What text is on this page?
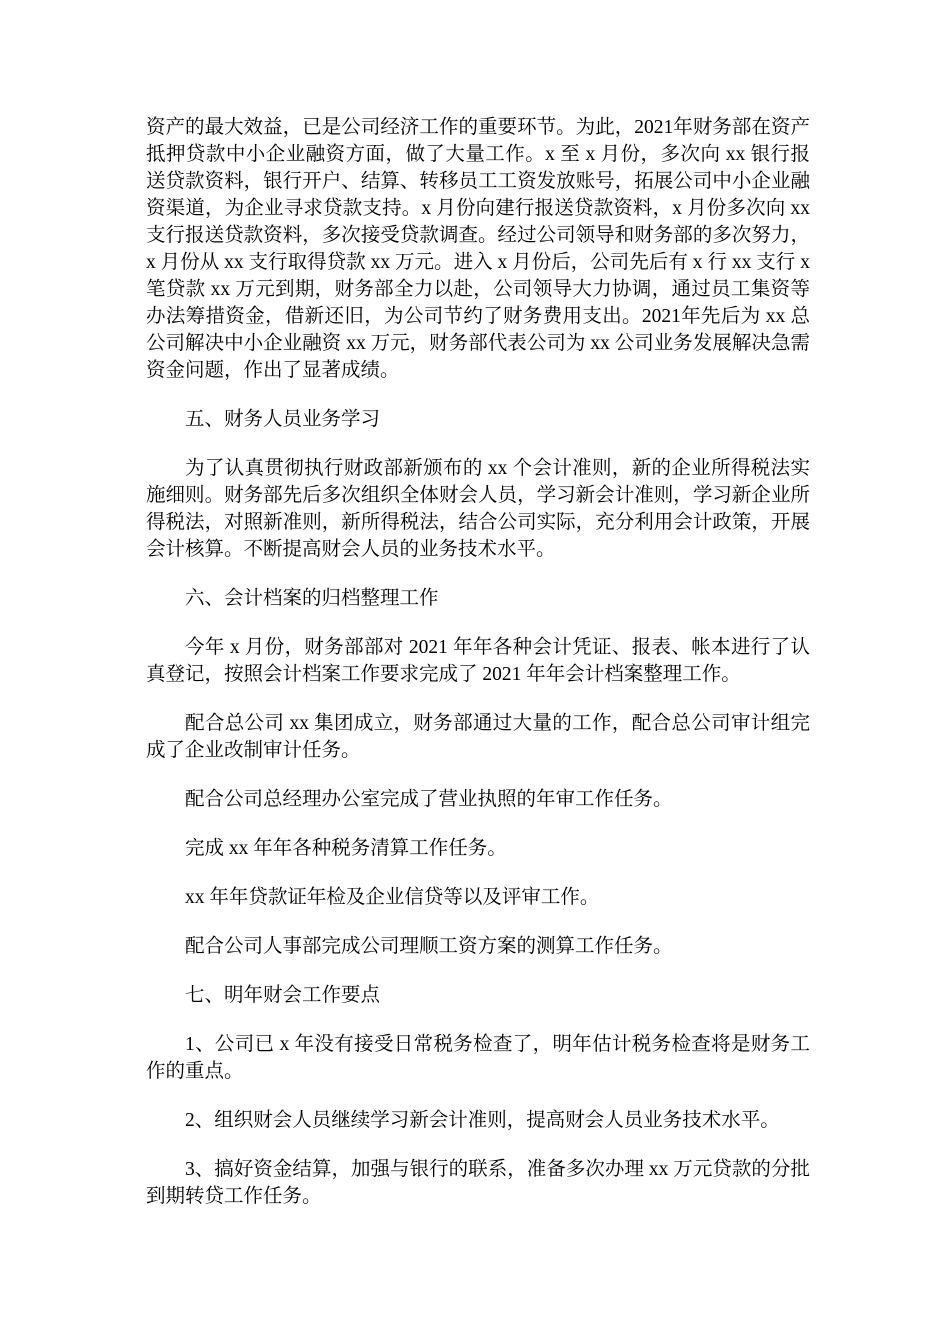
资产的最大效益，已是公司经济工作的重要环节。为此，2021年财务部在资产抵押贷款中小企业融资方面，做了大量工作。x 至 x 月份，多次向 xx 银行报送贷款资料，银行开户、结算、转移员工工资发放账号，拓展公司中小企业融资渠道，为企业寻求贷款支持。x 月份向建行报送贷款资料，x 月份多次向 xx 支行报送贷款资料，多次接受贷款调查。经过公司领导和财务部的多次努力，x 月份从 xx 支行取得贷款 xx 万元。进入 x 月份后，公司先后有 x 行 xx 支行 x 笔贷款 xx 万元到期，财务部全力以赴，公司领导大力协调，通过员工集资等办法筹措资金，借新还旧，为公司节约了财务费用支出。2021年先后为 xx 总公司解决中小企业融资 xx 万元，财务部代表公司为 xx 公司业务发展解决急需资金问题，作出了显著成绩。

五、财务人员业务学习

为了认真贯彻执行财政部新颁布的 xx 个会计准则，新的企业所得税法实施细则。财务部先后多次组织全体财会人员，学习新会计准则，学习新企业所得税法，对照新准则，新所得税法，结合公司实际，充分利用会计政策，开展会计核算。不断提高财会人员的业务技术水平。

六、会计档案的归档整理工作

今年 x 月份，财务部部对 2021 年年各种会计凭证、报表、帐本进行了认真登记，按照会计档案工作要求完成了 2021 年年会计档案整理工作。

配合总公司 xx 集团成立，财务部通过大量的工作，配合总公司审计组完成了企业改制审计任务。

配合公司总经理办公室完成了营业执照的年审工作任务。

完成 xx 年年各种税务清算工作任务。

xx 年年贷款证年检及企业信贷等以及评审工作。

配合公司人事部完成公司理顺工资方案的测算工作任务。

七、明年财会工作要点

1、公司已 x 年没有接受日常税务检查了，明年估计税务检查将是财务工作的重点。

2、组织财会人员继续学习新会计准则，提高财会人员业务技术水平。

3、搞好资金结算，加强与银行的联系，准备多次办理 xx 万元贷款的分批到期转贷工作任务。
